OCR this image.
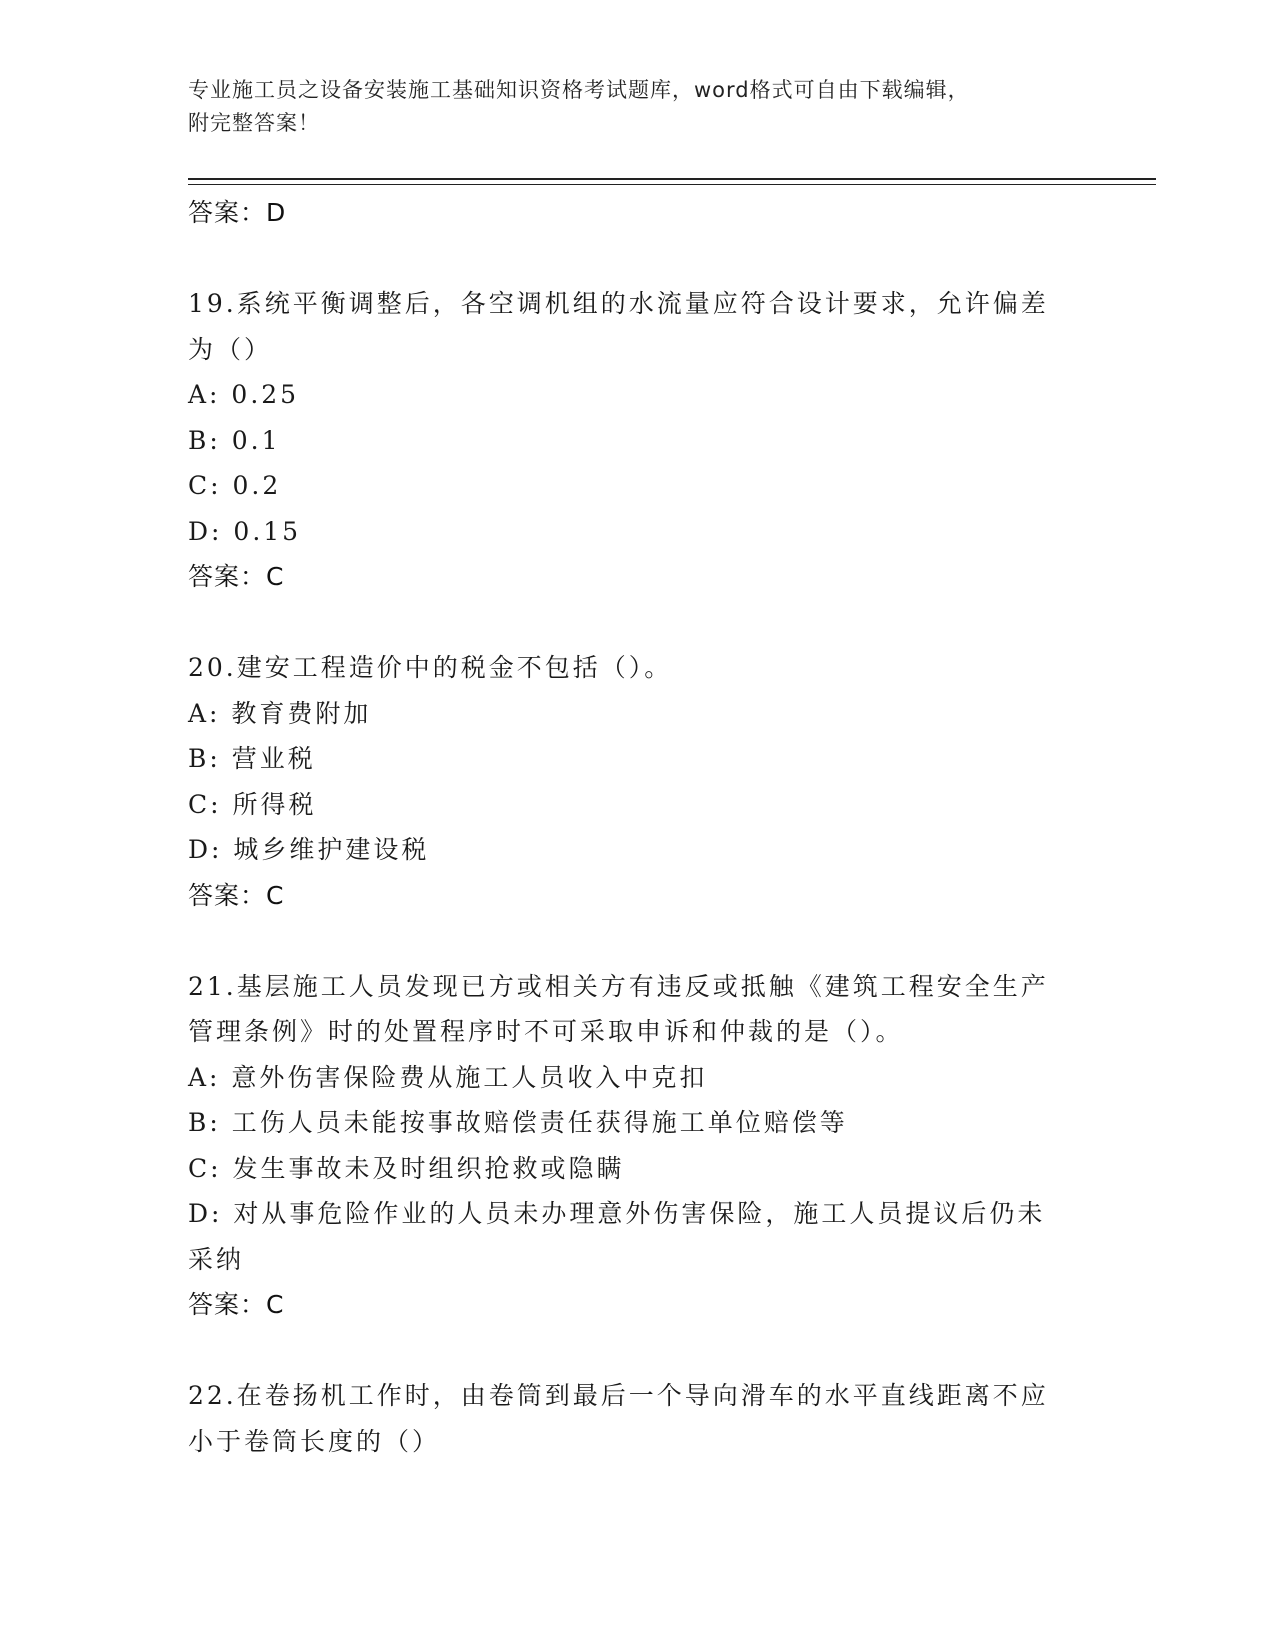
专业施工员之设备安装施工基础知识资格考试题库，word格式可自由下载编辑，
附完整答案！
答案：D
19.系统平衡调整后，各空调机组的水流量应符合设计要求，允许偏差
为（）
A: 0.25
B: 0.1
C: 0.2
D: 0.15
答案：C
20.建安工程造价中的税金不包括（）。
A: 教育费附加
B: 营业税
C: 所得税
D: 城乡维护建设税
答案：C
21.基层施工人员发现已方或相关方有违反或抵触《建筑工程安全生产
管理条例》时的处置程序时不可采取申诉和仲裁的是（）。
A: 意外伤害保险费从施工人员收入中克扣
B: 工伤人员未能按事故赔偿责任获得施工单位赔偿等
C: 发生事故未及时组织抢救或隐瞒
D: 对从事危险作业的人员未办理意外伤害保险，施工人员提议后仍未
采纳
答案：C
22.在卷扬机工作时，由卷筒到最后一个导向滑车的水平直线距离不应
小于卷筒长度的（）
